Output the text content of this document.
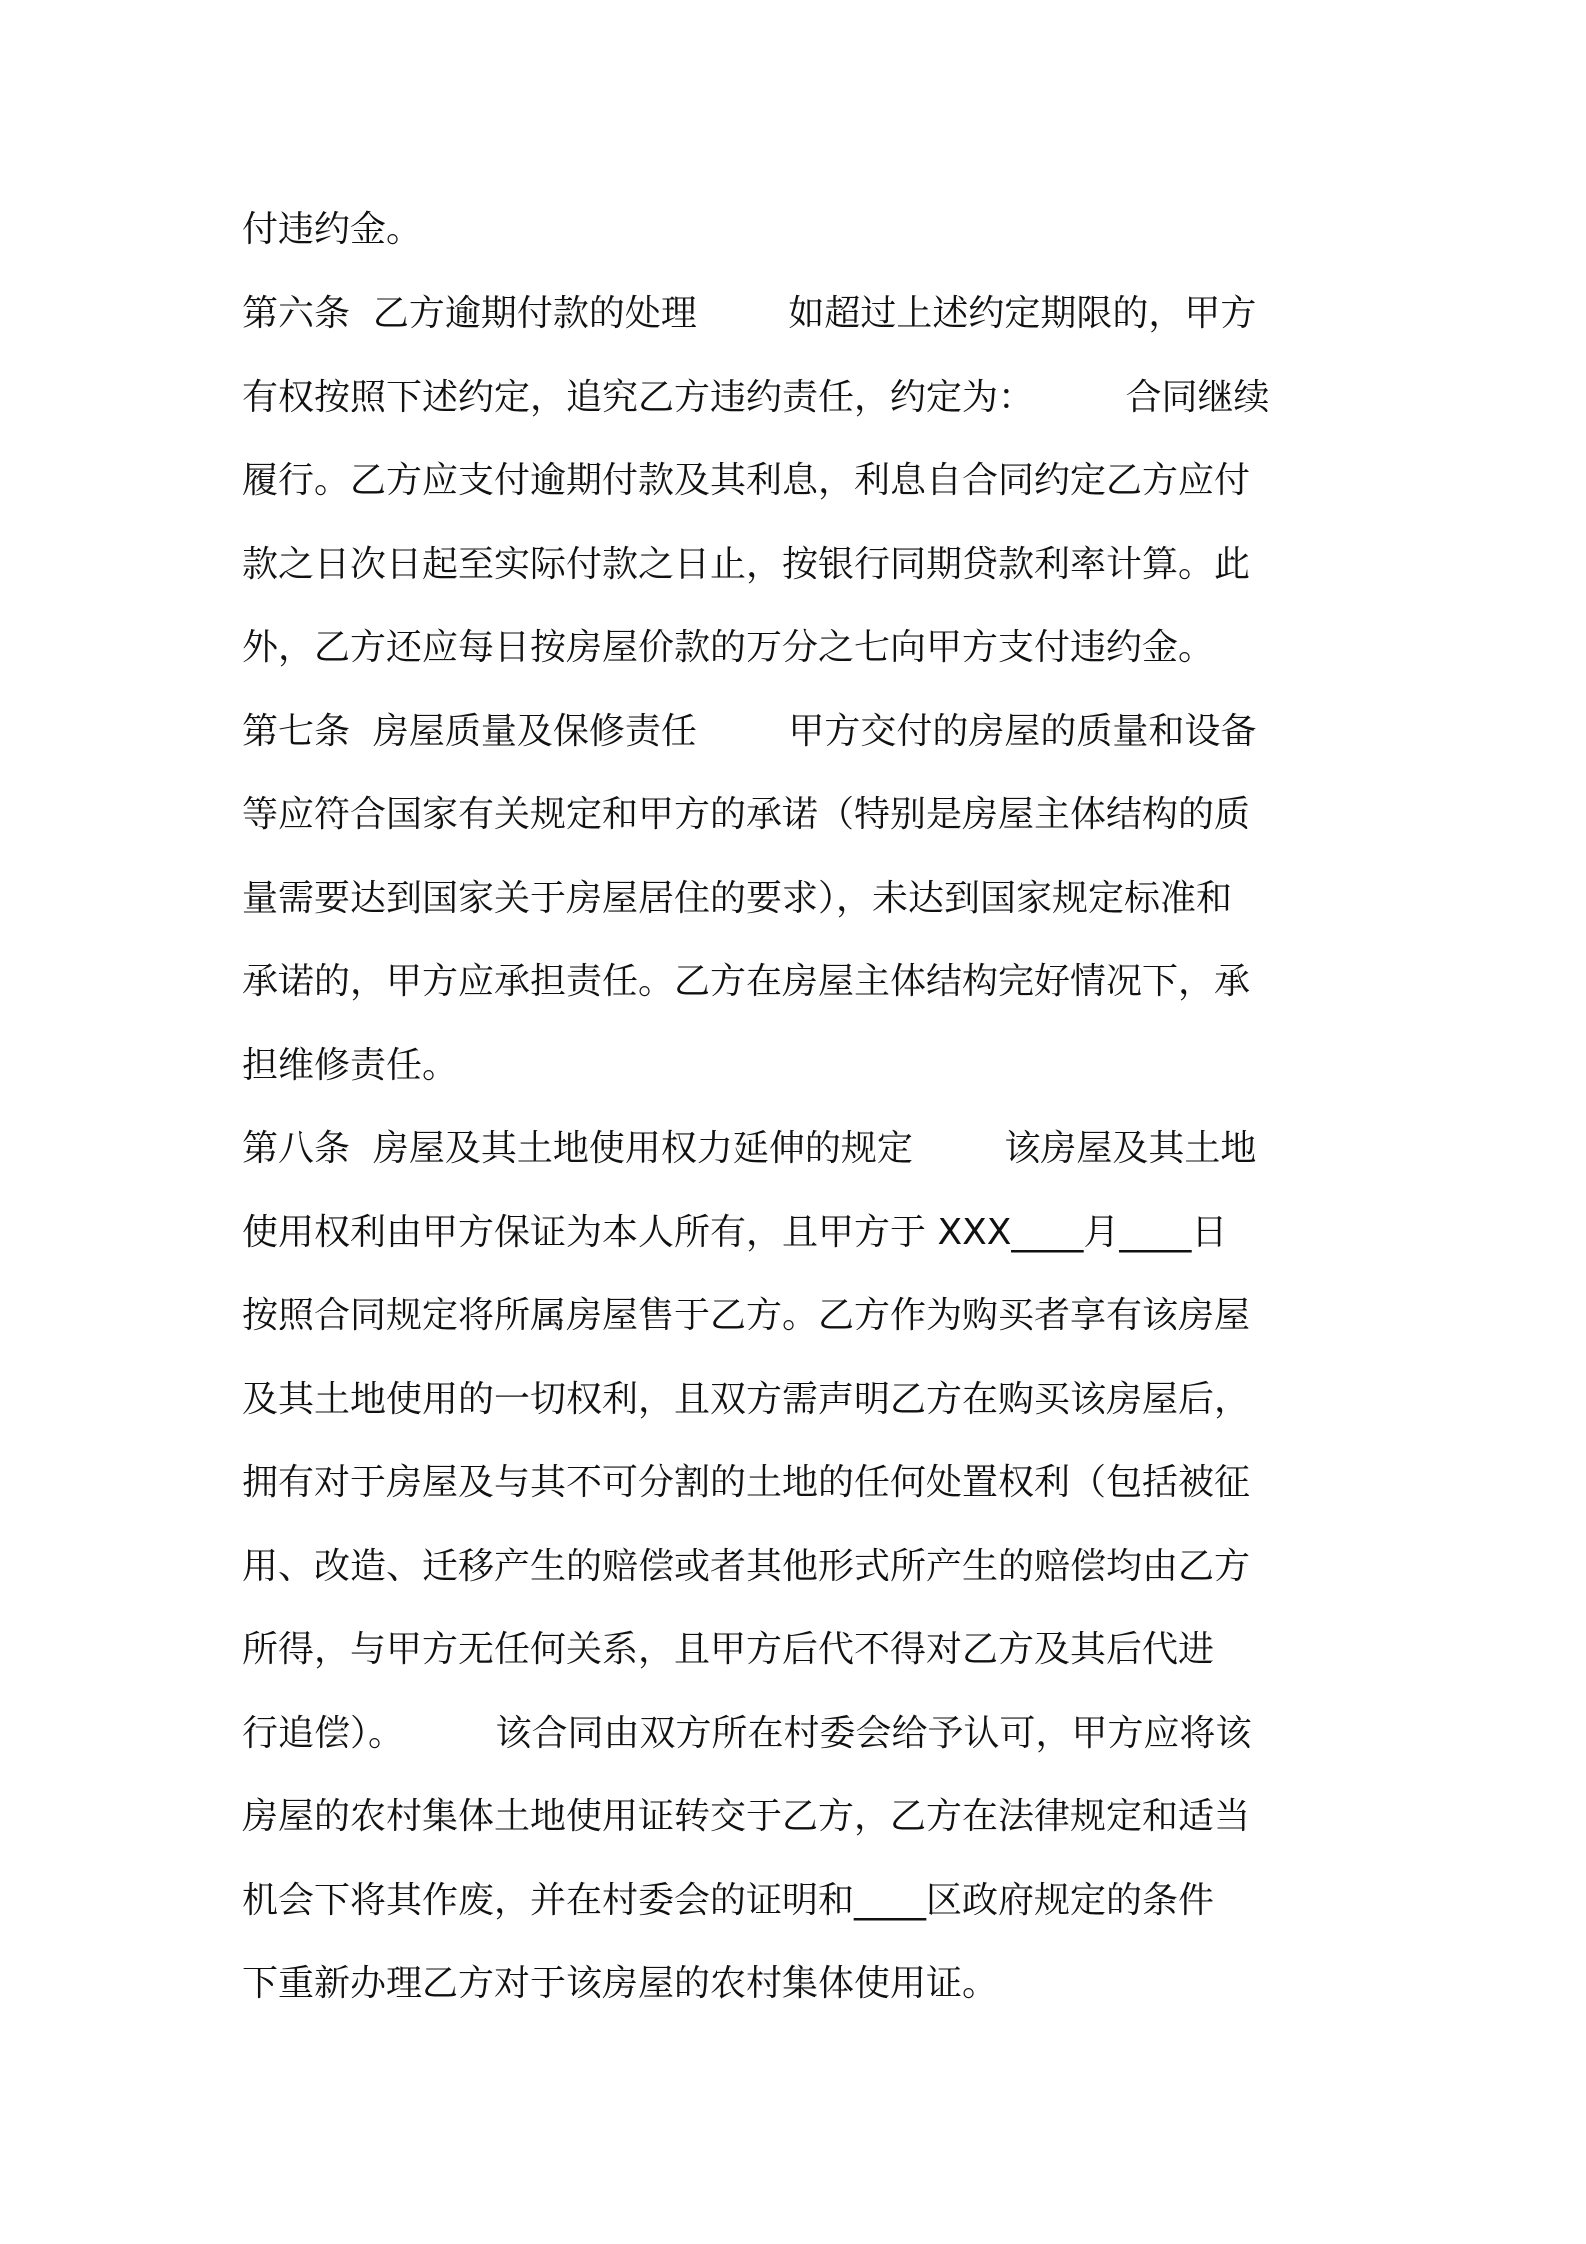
付违约金。
第六条  乙方逾期付款的处理        如超过上述约定期限的，甲方
有权按照下述约定，追究乙方违约责任，约定为：        合同继续
履行。乙方应支付逾期付款及其利息，利息自合同约定乙方应付
款之日次日起至实际付款之日止，按银行同期贷款利率计算。此
外，乙方还应每日按房屋价款的万分之七向甲方支付违约金。
第七条  房屋质量及保修责任        甲方交付的房屋的质量和设备
等应符合国家有关规定和甲方的承诺（特别是房屋主体结构的质
量需要达到国家关于房屋居住的要求），未达到国家规定标准和
承诺的，甲方应承担责任。乙方在房屋主体结构完好情况下，承
担维修责任。
第八条  房屋及其土地使用权力延伸的规定        该房屋及其土地
使用权利由甲方保证为本人所有，且甲方于 XXX____月____日
按照合同规定将所属房屋售于乙方。乙方作为购买者享有该房屋
及其土地使用的一切权利，且双方需声明乙方在购买该房屋后，
拥有对于房屋及与其不可分割的土地的任何处置权利（包括被征
用、改造、迁移产生的赔偿或者其他形式所产生的赔偿均由乙方
所得，与甲方无任何关系，且甲方后代不得对乙方及其后代进
行追偿）。        该合同由双方所在村委会给予认可，甲方应将该
房屋的农村集体土地使用证转交于乙方，乙方在法律规定和适当
机会下将其作废，并在村委会的证明和____区政府规定的条件
下重新办理乙方对于该房屋的农村集体使用证。
